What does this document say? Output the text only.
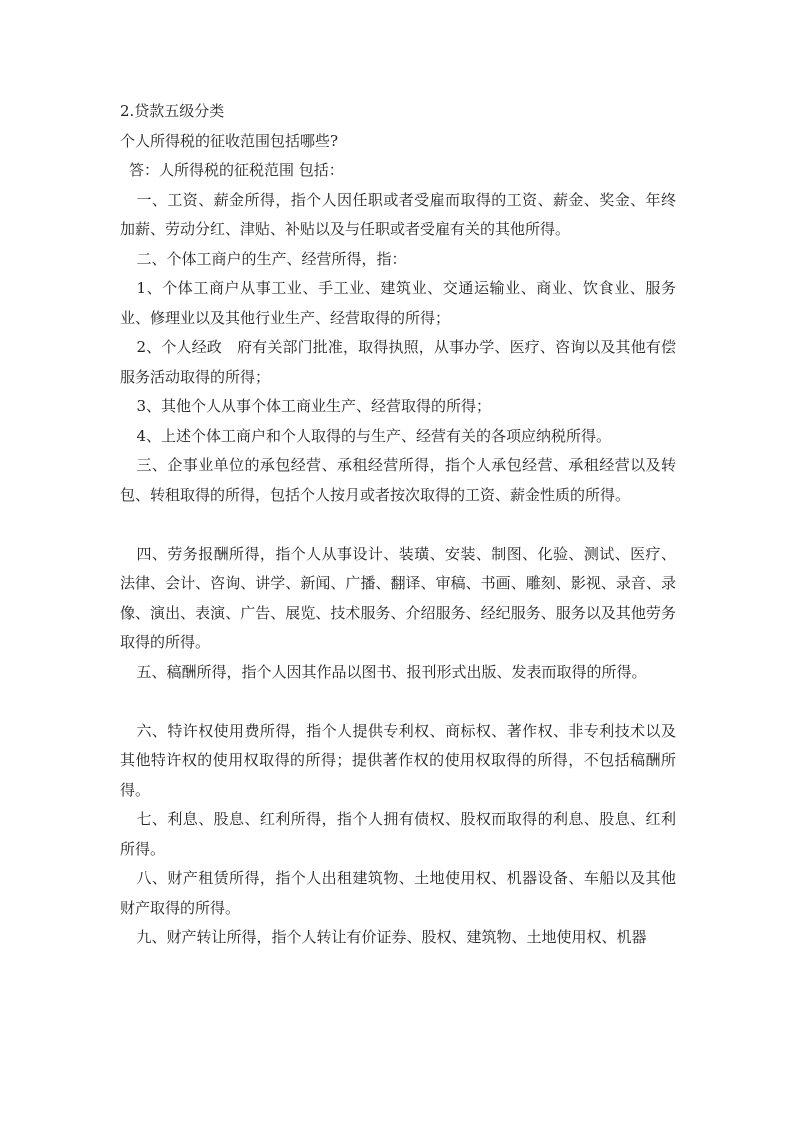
2.贷款五级分类

个人所得税的征收范围包括哪些?

答：人所得税的征税范围 包括：

一、工资、薪金所得，指个人因任职或者受雇而取得的工资、薪金、奖金、年终加薪、劳动分红、津贴、补贴以及与任职或者受雇有关的其他所得。

二、个体工商户的生产、经营所得，指：

1、个体工商户从事工业、手工业、建筑业、交通运输业、商业、饮食业、服务业、修理业以及其他行业生产、经营取得的所得；

2、个人经政　府有关部门批准，取得执照，从事办学、医疗、咨询以及其他有偿服务活动取得的所得；

3、其他个人从事个体工商业生产、经营取得的所得；

4、上述个体工商户和个人取得的与生产、经营有关的各项应纳税所得。

三、企事业单位的承包经营、承租经营所得，指个人承包经营、承租经营以及转包、转租取得的所得，包括个人按月或者按次取得的工资、薪金性质的所得。

四、劳务报酬所得，指个人从事设计、装璜、安装、制图、化验、测试、医疗、法律、会计、咨询、讲学、新闻、广播、翻译、审稿、书画、雕刻、影视、录音、录像、演出、表演、广告、展览、技术服务、介绍服务、经纪服务、服务以及其他劳务取得的所得。

五、稿酬所得，指个人因其作品以图书、报刊形式出版、发表而取得的所得。

六、特许权使用费所得，指个人提供专利权、商标权、著作权、非专利技术以及其他特许权的使用权取得的所得；提供著作权的使用权取得的所得，不包括稿酬所得。

七、利息、股息、红利所得，指个人拥有债权、股权而取得的利息、股息、红利所得。

八、财产租赁所得，指个人出租建筑物、土地使用权、机器设备、车船以及其他财产取得的所得。

九、财产转让所得，指个人转让有价证券、股权、建筑物、土地使用权、机器
